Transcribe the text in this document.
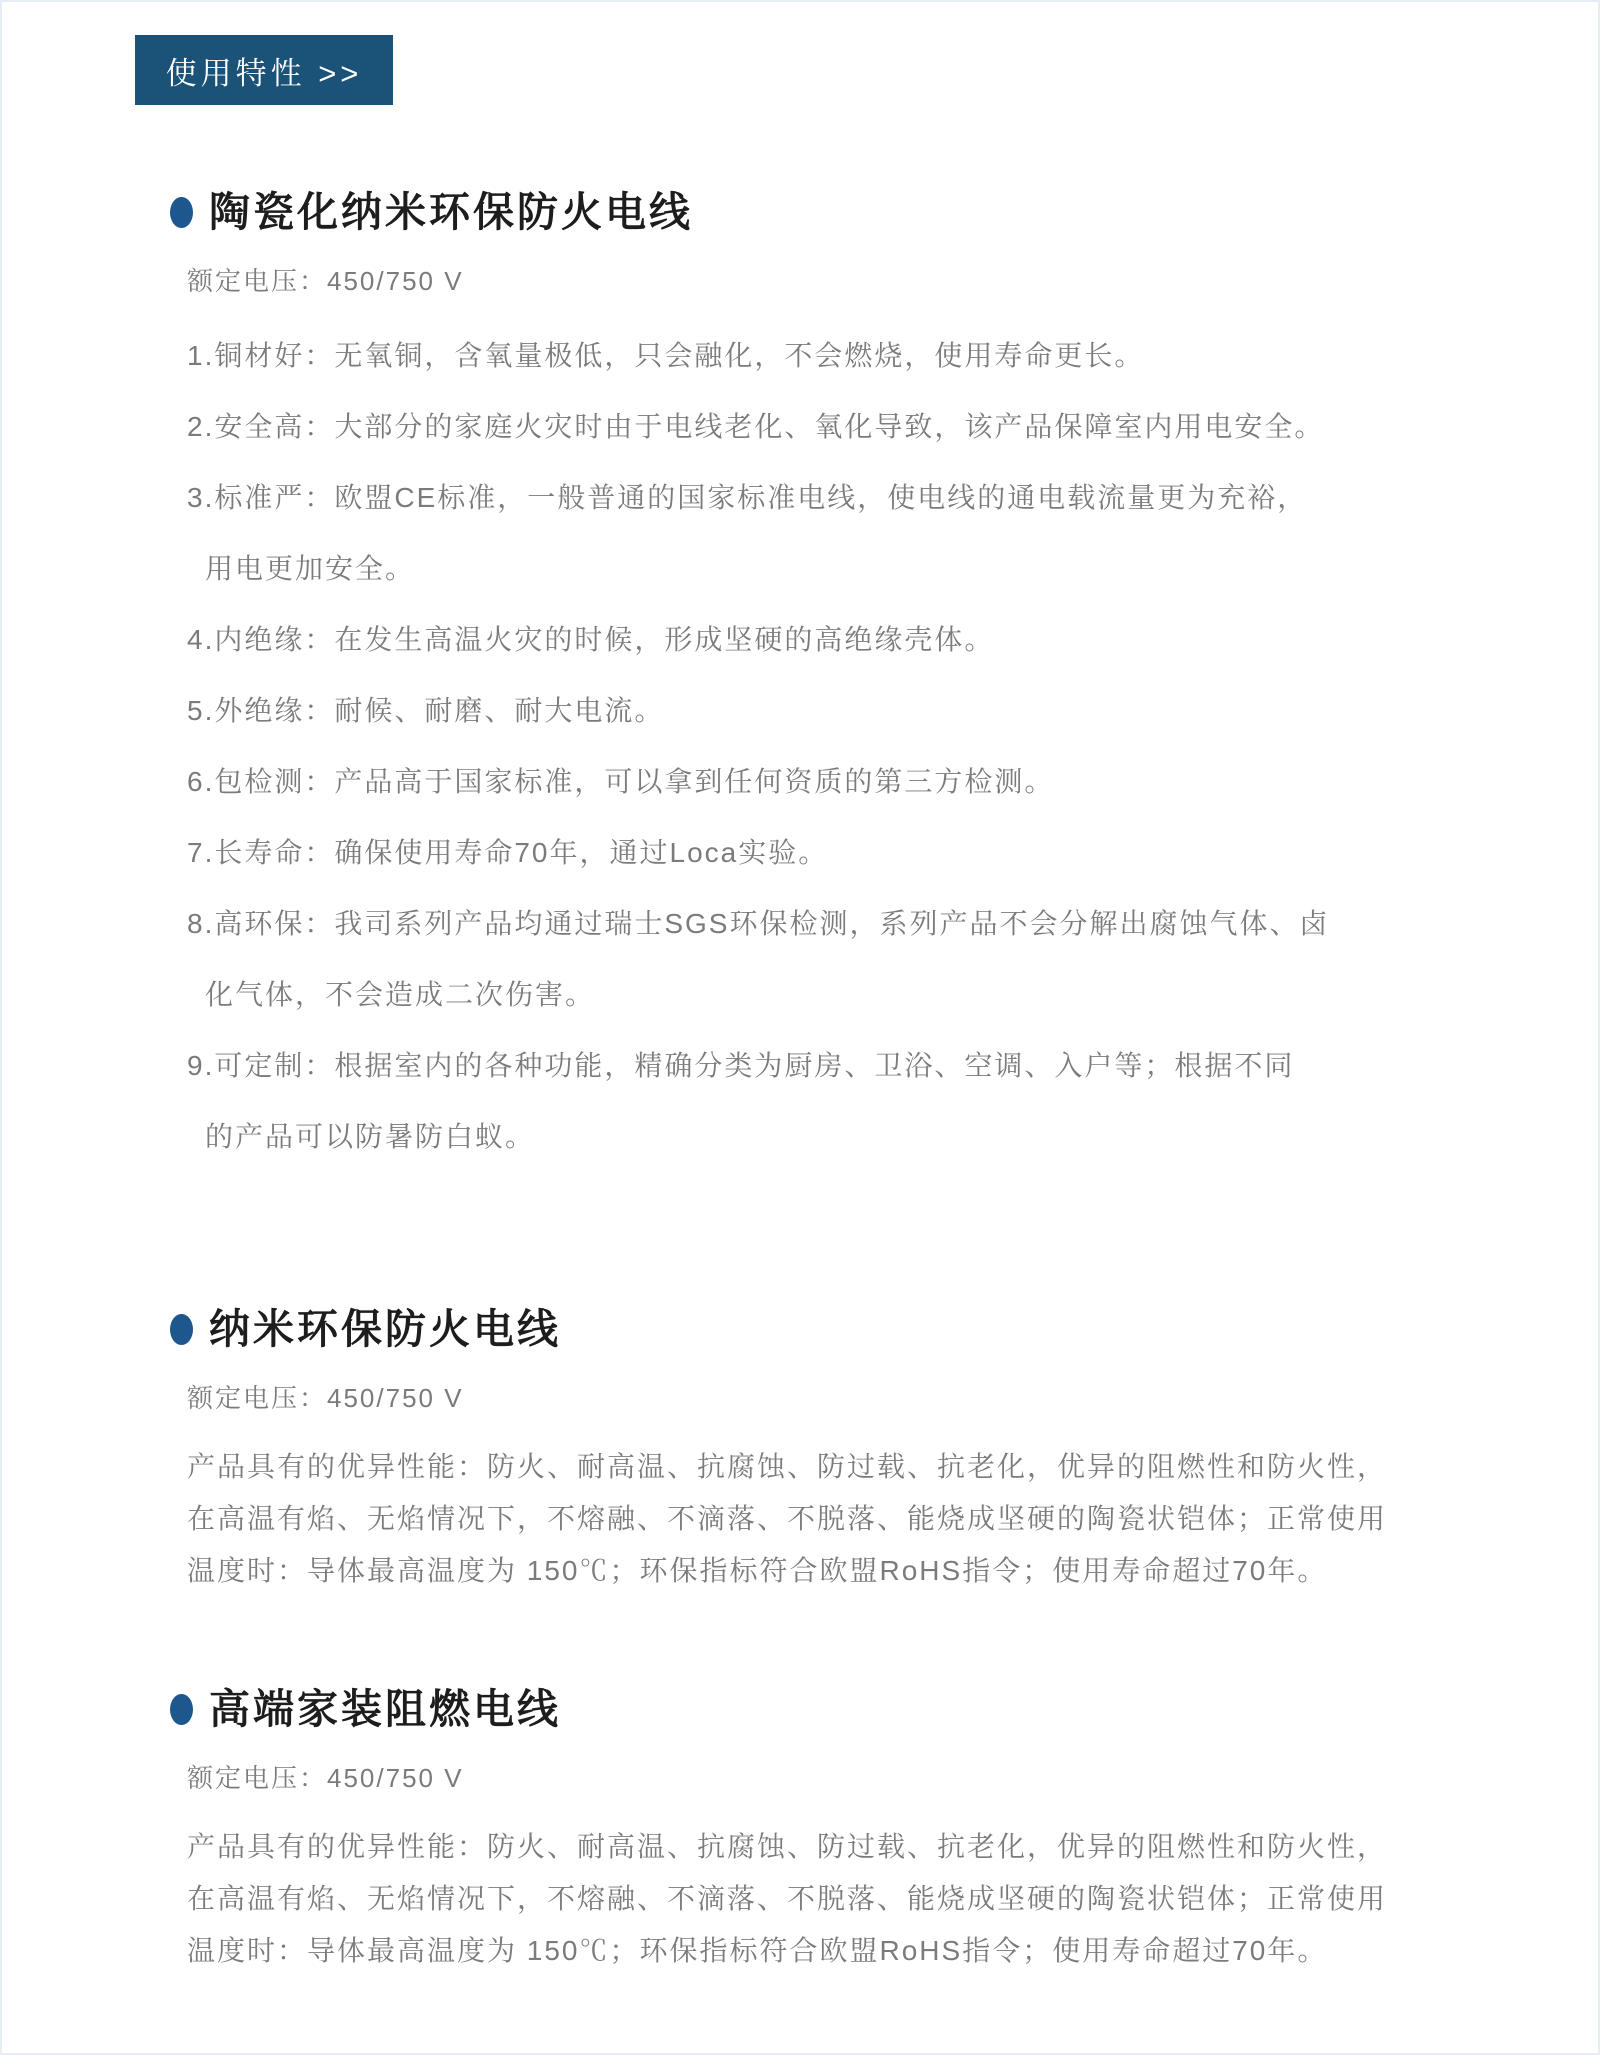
使用特性 >>
陶瓷化纳米环保防火电线
额定电压：450/750 V
1.铜材好：无氧铜，含氧量极低，只会融化，不会燃烧，使用寿命更长。
2.安全高：大部分的家庭火灾时由于电线老化、氧化导致，该产品保障室内用电安全。
3.标准严：欧盟CE标准，一般普通的国家标准电线，使电线的通电载流量更为充裕，
用电更加安全。
4.内绝缘：在发生高温火灾的时候，形成坚硬的高绝缘壳体。
5.外绝缘：耐候、耐磨、耐大电流。
6.包检测：产品高于国家标准，可以拿到任何资质的第三方检测。
7.长寿命：确保使用寿命70年，通过Loca实验。
8.高环保：我司系列产品均通过瑞士SGS环保检测，系列产品不会分解出腐蚀气体、卤
化气体，不会造成二次伤害。
9.可定制：根据室内的各种功能，精确分类为厨房、卫浴、空调、入户等；根据不同
的产品可以防暑防白蚁。
纳米环保防火电线
额定电压：450/750 V
产品具有的优异性能：防火、耐高温、抗腐蚀、防过载、抗老化，优异的阻燃性和防火性，
在高温有焰、无焰情况下，不熔融、不滴落、不脱落、能烧成坚硬的陶瓷状铠体；正常使用
温度时：导体最高温度为 150℃；环保指标符合欧盟RoHS指令；使用寿命超过70年。
高端家装阻燃电线
额定电压：450/750 V
产品具有的优异性能：防火、耐高温、抗腐蚀、防过载、抗老化，优异的阻燃性和防火性，
在高温有焰、无焰情况下，不熔融、不滴落、不脱落、能烧成坚硬的陶瓷状铠体；正常使用
温度时：导体最高温度为 150℃；环保指标符合欧盟RoHS指令；使用寿命超过70年。
